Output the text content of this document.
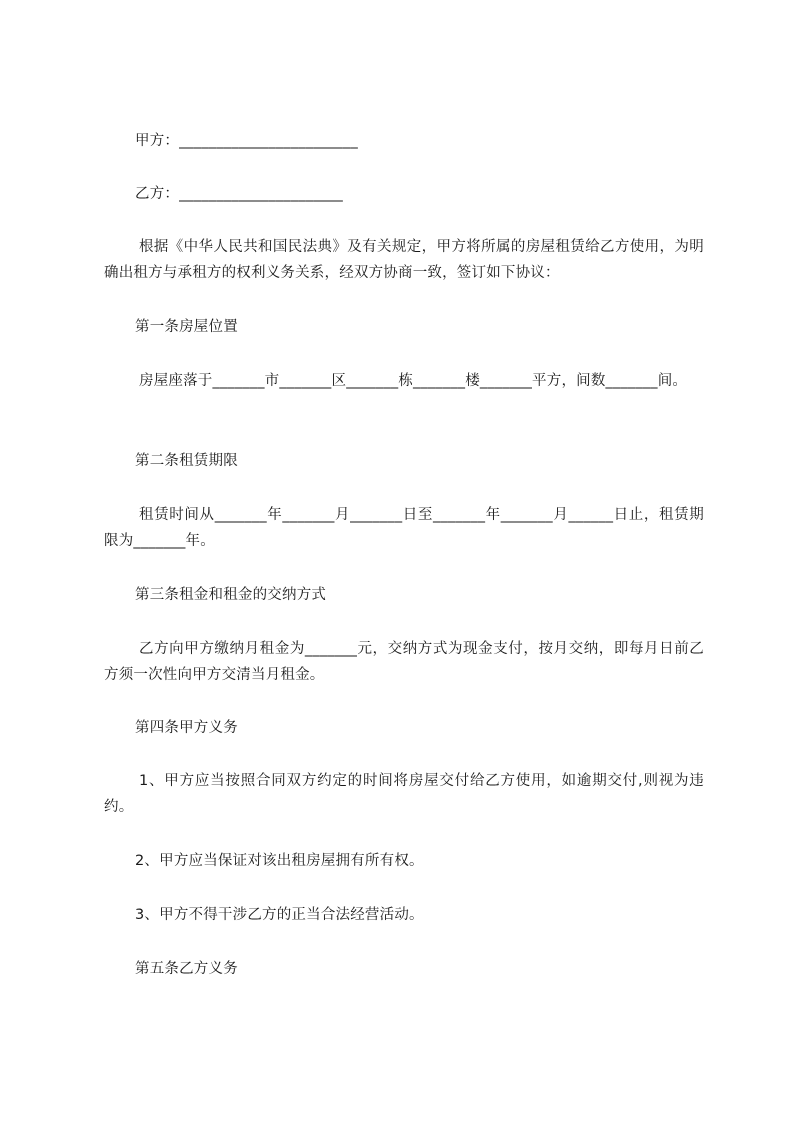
甲方：________________________
乙方：______________________
根据《中华人民共和国民法典》及有关规定，甲方将所属的房屋租赁给乙方使用，为明确出租方与承租方的权利义务关系，经双方协商一致，签订如下协议：
第一条房屋位置
房屋座落于_______市_______区_______栋_______楼_______平方，间数_______间。
第二条租赁期限
租赁时间从_______年_______月_______日至_______年_______月______日止，租赁期限为_______年。
第三条租金和租金的交纳方式
乙方向甲方缴纳月租金为_______元，交纳方式为现金支付，按月交纳，即每月日前乙方须一次性向甲方交清当月租金。
第四条甲方义务
1、甲方应当按照合同双方约定的时间将房屋交付给乙方使用，如逾期交付,则视为违约。
2、甲方应当保证对该出租房屋拥有所有权。
3、甲方不得干涉乙方的正当合法经营活动。
第五条乙方义务
